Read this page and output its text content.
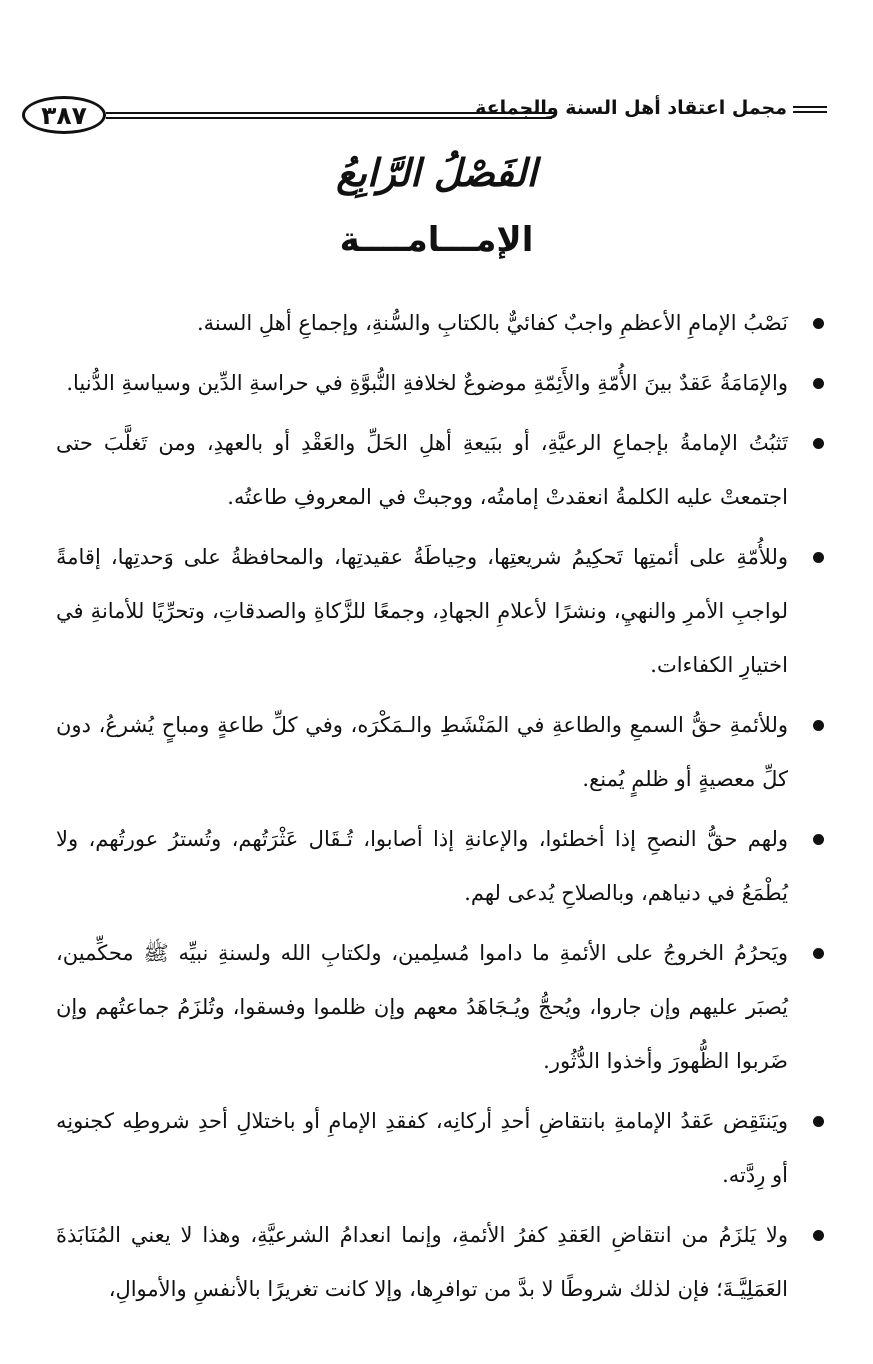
٣٨٧	مجمل اعتقاد أهل السنة والجماعة
الفَصْلُ الرَّابِعُ
الإمـــامــــة
نَصْبُ الإمامِ الأعظمِ واجبٌ كفائيٌّ بالكتابِ والسُّنةِ، وإجماعِ أهلِ السنة.
والإمَامَةُ عَقدٌ بينَ الأُمّةِ والأَئِمّةِ موضوعٌ لخلافةِ النُّبوَّةِ في حراسةِ الدِّين وسياسةِ الدُّنيا.
تَثبُتُ الإمامةُ بإجماعِ الرعيَّةِ، أو ببَيعةِ أهلِ الحَلِّ والعَقْدِ أو بالعهدِ، ومن تَغلَّبَ حتى اجتمعتْ عليه الكلمةُ انعقدتْ إمامتُه، ووجبتْ في المعروفِ طاعتُه.
وللأُمّةِ على أئمتِها تَحكِيمُ شريعتِها، وحِياطَةُ عقيدتِها، والمحافظةُ على وَحدتِها، إقامةً لواجبِ الأمرِ والنهيِ، ونشرًا لأعلامِ الجهادِ، وجمعًا للزَّكاةِ والصدقاتِ، وتحرِّيًا للأمانةِ في اختيارِ الكفاءات.
وللأئمةِ حقُّ السمعِ والطاعةِ في المَنْشَطِ والـمَكْرَه، وفي كلِّ طاعةٍ ومباحٍ يُشرعُ، دون كلِّ معصيةٍ أو ظلمٍ يُمنع.
ولهم حقُّ النصحِ إذا أخطئوا، والإعانةِ إذا أصابوا، تُـقَال عَثْرَتُهم، وتُسترُ عورتُهم، ولا يُطْمَعُ في دنياهم، وبالصلاحِ يُدعى لهم.
ويَحرُمُ الخروجُ على الأئمةِ ما داموا مُسلِمين، ولكتابِ الله ولسنةِ نبيِّه ﷺ محكِّمين، يُصبَر عليهم وإن جاروا، ويُحجُّ ويُـجَاهَدُ معهم وإن ظلموا وفسقوا، وتُلزَمُ جماعتُهم وإن ضَربوا الظُّهورَ وأخذوا الدُّثُور.
ويَنتَقِض عَقدُ الإمامةِ بانتقاضِ أحدِ أركانِه، كفقدِ الإمامِ أو باختلالِ أحدِ شروطِه كجنونِه أو رِدَّته.
ولا يَلزَمُ من انتقاضِ العَقدِ كفرُ الأئمةِ، وإنما انعدامُ الشرعيَّةِ، وهذا لا يعني المُنَابَذةَ العَمَلِيَّـةَ؛ فإن لذلك شروطًا لا بدَّ من توافرِها، وإلا كانت تغريرًا بالأنفسِ والأموالِ،
